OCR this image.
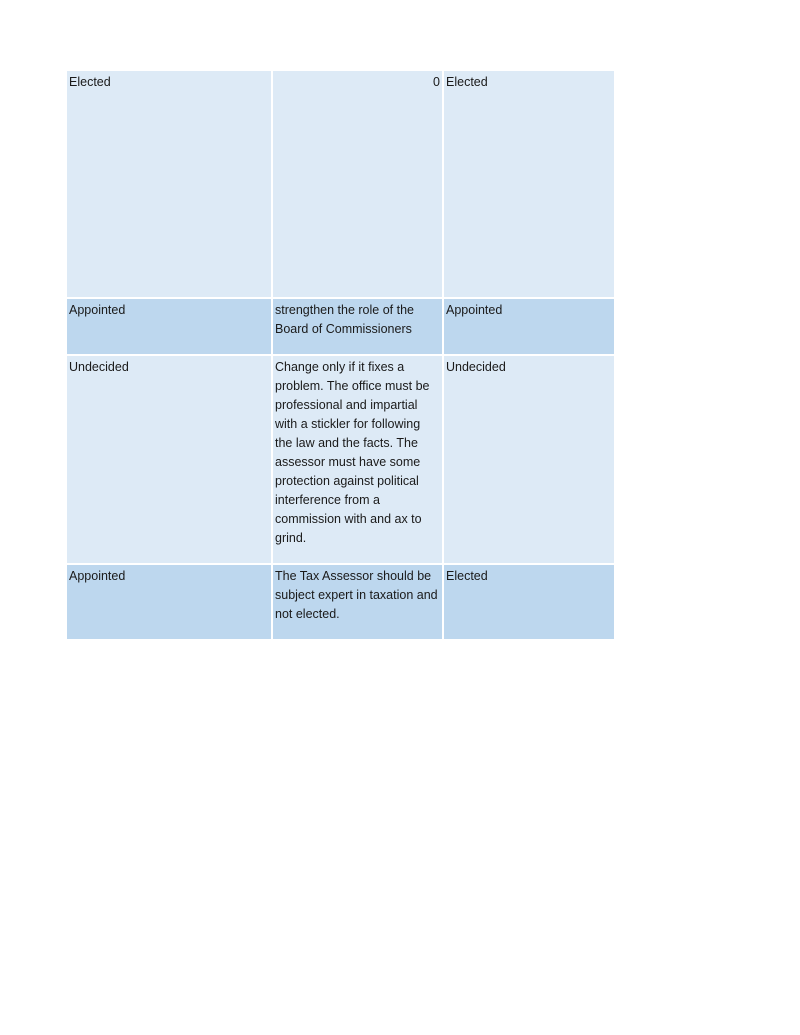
Elected	0	Elected
Appointed	strengthen the role of the Board of Commissioners	Appointed
Undecided	Change only if it fixes a problem. The office must be professional and impartial with a stickler for following the law and the facts. The assessor must have some protection against political interference from a commission with and ax to grind.	Undecided
Appointed	The Tax Assessor should be subject expert in taxation and not elected.	Elected
